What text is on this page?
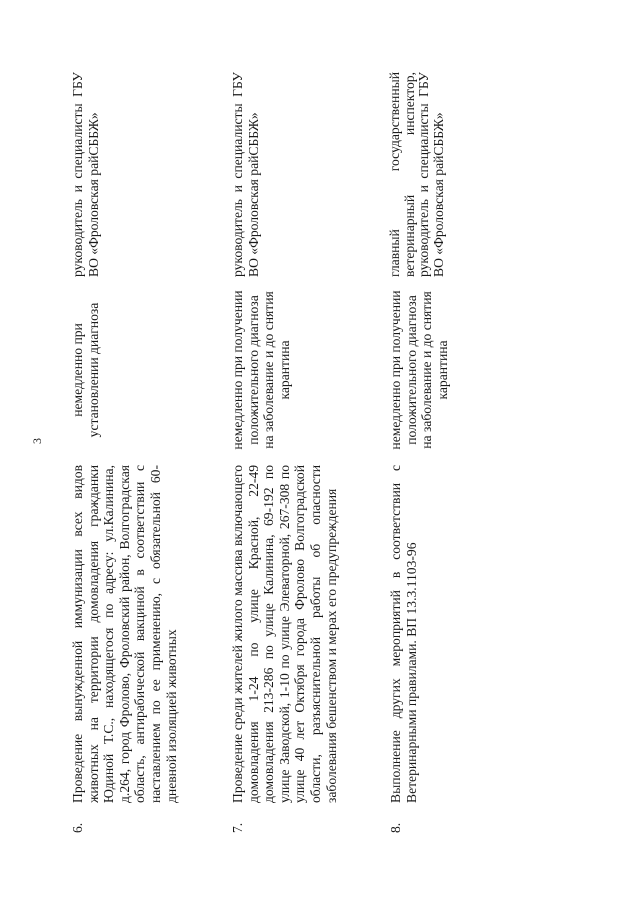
3
6.
Проведение вынужденной иммунизации всех видов животных на территории домовладения гражданки Юдиной Т.С., находящегося по адресу: ул.Калинина, д.264, город Фролово, Фроловский район, Волгоградская область, антирабической вакциной в соответствии с наставлением по ее применению, с обязательной 60-дневной изоляцией животных
немедленно при установлении диагноза
руководитель и специалисты ГБУ ВО «Фроловская райСББЖ»
7.
Проведение среди жителей жилого массива включающего домовладения 1-24 по улице Красной, 22-49 домовладения 213-286 по улице Калинина, 69-192 по улице Заводской, 1-10 по улице Элеваторной, 267-308 по улице 40 лет Октября города Фролово Волгоградской области, разъяснительной работы об опасности заболевания бешенством и мерах его предупреждения
немедленно при получении положительного диагноза на заболевание и до снятия карантина
руководитель и специалисты ГБУ ВО «Фроловская райСББЖ»
8.
Выполнение других мероприятий в соответствии с Ветеринарными правилами. ВП 13.3.1103-96
немедленно при получении положительного диагноза на заболевание и до снятия карантина
главный государственный ветеринарный инспектор, руководитель и специалисты ГБУ ВО «Фроловская райСББЖ»
